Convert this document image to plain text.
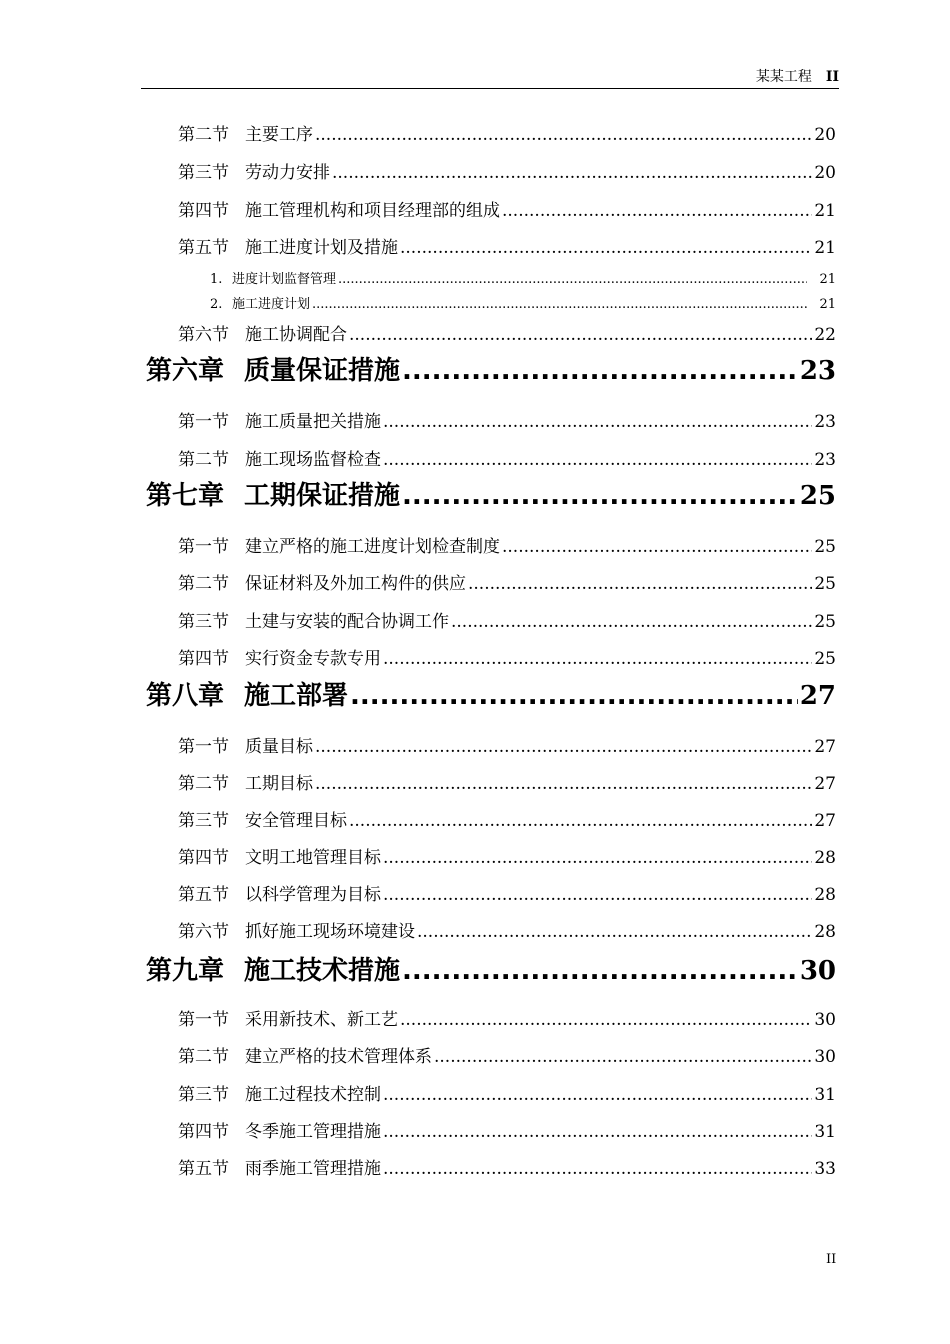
某某工程 II
第二节 主要工序 .....	20
第三节 劳动力安排 .....	20
第四节 施工管理机构和项目经理部的组成 .....	21
第五节 施工进度计划及措施 .....	21
1. 进度计划监督管理 .....	21
2. 施工进度计划 .....	21
第六节 施工协调配合 .....	22
第六章 质量保证措施 .....	23
第一节 施工质量把关措施 .....	23
第二节 施工现场监督检查 .....	23
第七章 工期保证措施 .....	25
第一节 建立严格的施工进度计划检查制度 .....	25
第二节 保证材料及外加工构件的供应 .....	25
第三节 土建与安装的配合协调工作 .....	25
第四节 实行资金专款专用 .....	25
第八章 施工部署 .....	27
第一节 质量目标 .....	27
第二节 工期目标 .....	27
第三节 安全管理目标 .....	27
第四节 文明工地管理目标 .....	28
第五节 以科学管理为目标 .....	28
第六节 抓好施工现场环境建设 .....	28
第九章 施工技术措施 .....	30
第一节 采用新技术、新工艺 .....	30
第二节 建立严格的技术管理体系 .....	30
第三节 施工过程技术控制 .....	31
第四节 冬季施工管理措施 .....	31
第五节 雨季施工管理措施 .....	33
II
